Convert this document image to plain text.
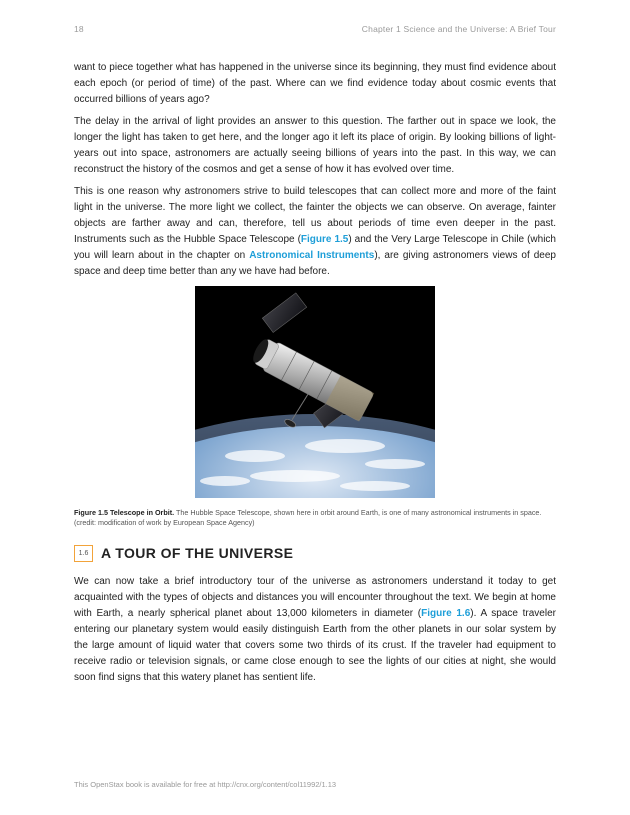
18	Chapter 1 Science and the Universe: A Brief Tour

want to piece together what has happened in the universe since its beginning, they must find evidence about each epoch (or period of time) of the past. Where can we find evidence today about cosmic events that occurred billions of years ago?

The delay in the arrival of light provides an answer to this question. The farther out in space we look, the longer the light has taken to get here, and the longer ago it left its place of origin. By looking billions of light-years out into space, astronomers are actually seeing billions of years into the past. In this way, we can reconstruct the history of the cosmos and get a sense of how it has evolved over time.

This is one reason why astronomers strive to build telescopes that can collect more and more of the faint light in the universe. The more light we collect, the fainter the objects we can observe. On average, fainter objects are farther away and can, therefore, tell us about periods of time even deeper in the past. Instruments such as the Hubble Space Telescope (Figure 1.5) and the Very Large Telescope in Chile (which you will learn about in the chapter on Astronomical Instruments), are giving astronomers views of deep space and deep time better than any we have had before.

Figure 1.5 Telescope in Orbit. The Hubble Space Telescope, shown here in orbit around Earth, is one of many astronomical instruments in space. (credit: modification of work by European Space Agency)
1.6 A TOUR OF THE UNIVERSE

We can now take a brief introductory tour of the universe as astronomers understand it today to get acquainted with the types of objects and distances you will encounter throughout the text. We begin at home with Earth, a nearly spherical planet about 13,000 kilometers in diameter (Figure 1.6). A space traveler entering our planetary system would easily distinguish Earth from the other planets in our solar system by the large amount of liquid water that covers some two thirds of its crust. If the traveler had equipment to receive radio or television signals, or came close enough to see the lights of our cities at night, she would soon find signs that this watery planet has sentient life.

This OpenStax book is available for free at http://cnx.org/content/col11992/1.13
